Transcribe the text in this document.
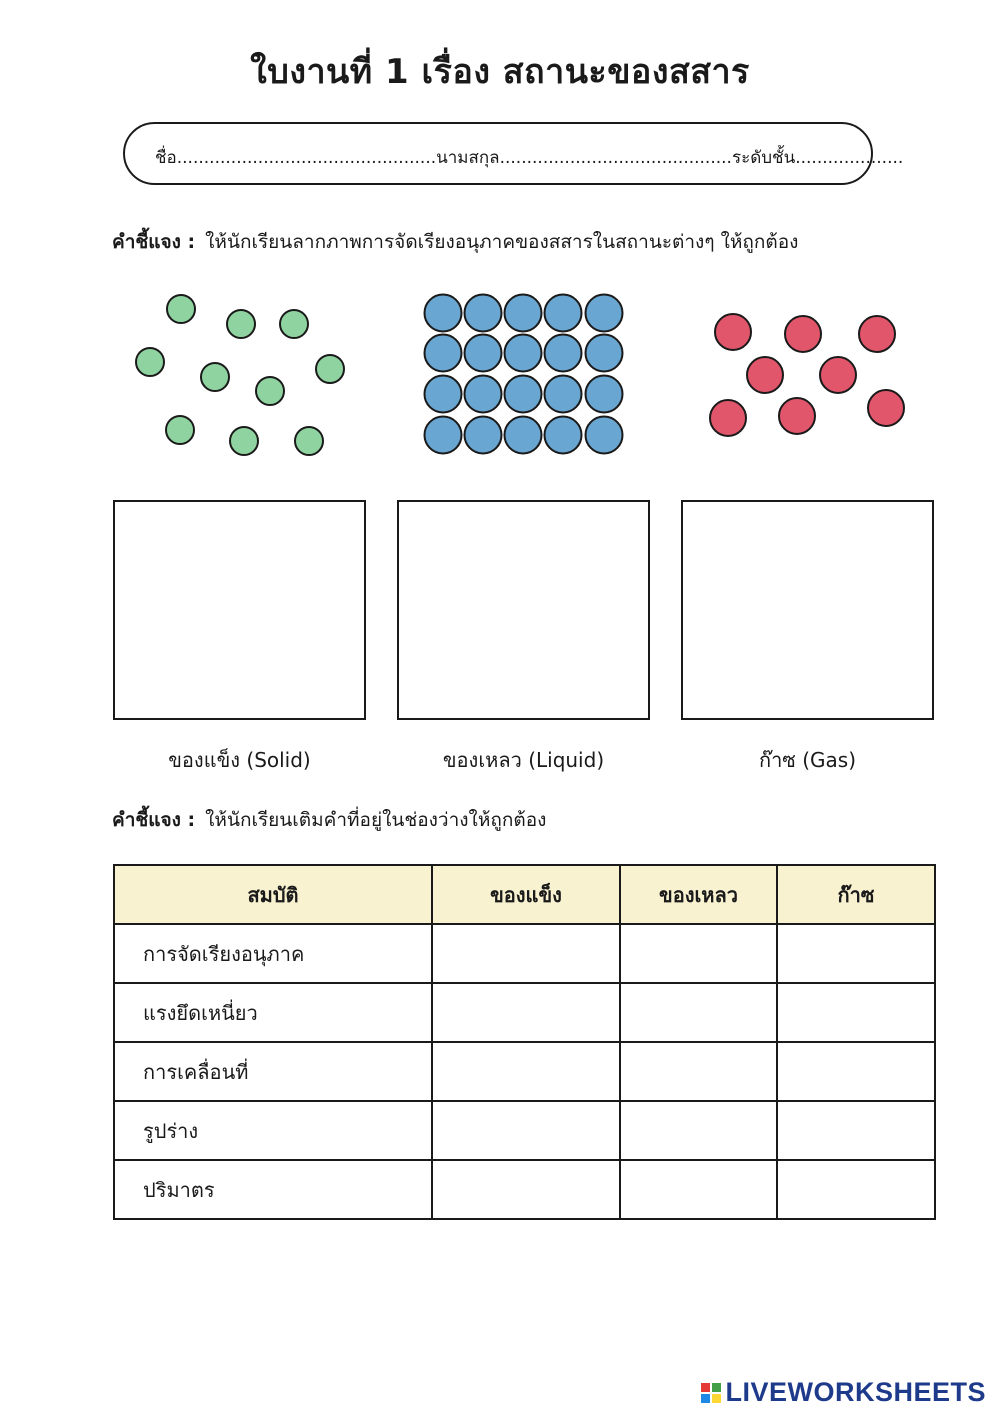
ใบงานที่ 1 เรื่อง สถานะของสสาร
ชื่อ................................................นามสกุล...........................................ระดับชั้น....................
คำชี้แจง : ให้นักเรียนลากภาพการจัดเรียงอนุภาคของสสารในสถานะต่างๆ ให้ถูกต้อง
ของแข็ง (Solid)	ของเหลว (Liquid)	ก๊าซ (Gas)
คำชี้แจง : ให้นักเรียนเติมคำที่อยู่ในช่องว่างให้ถูกต้อง
สมบัติ	ของแข็ง	ของเหลว	ก๊าซ
การจัดเรียงอนุภาค			
แรงยึดเหนี่ยว			
การเคลื่อนที่			
รูปร่าง			
ปริมาตร			
LIVEWORKSHEETS
